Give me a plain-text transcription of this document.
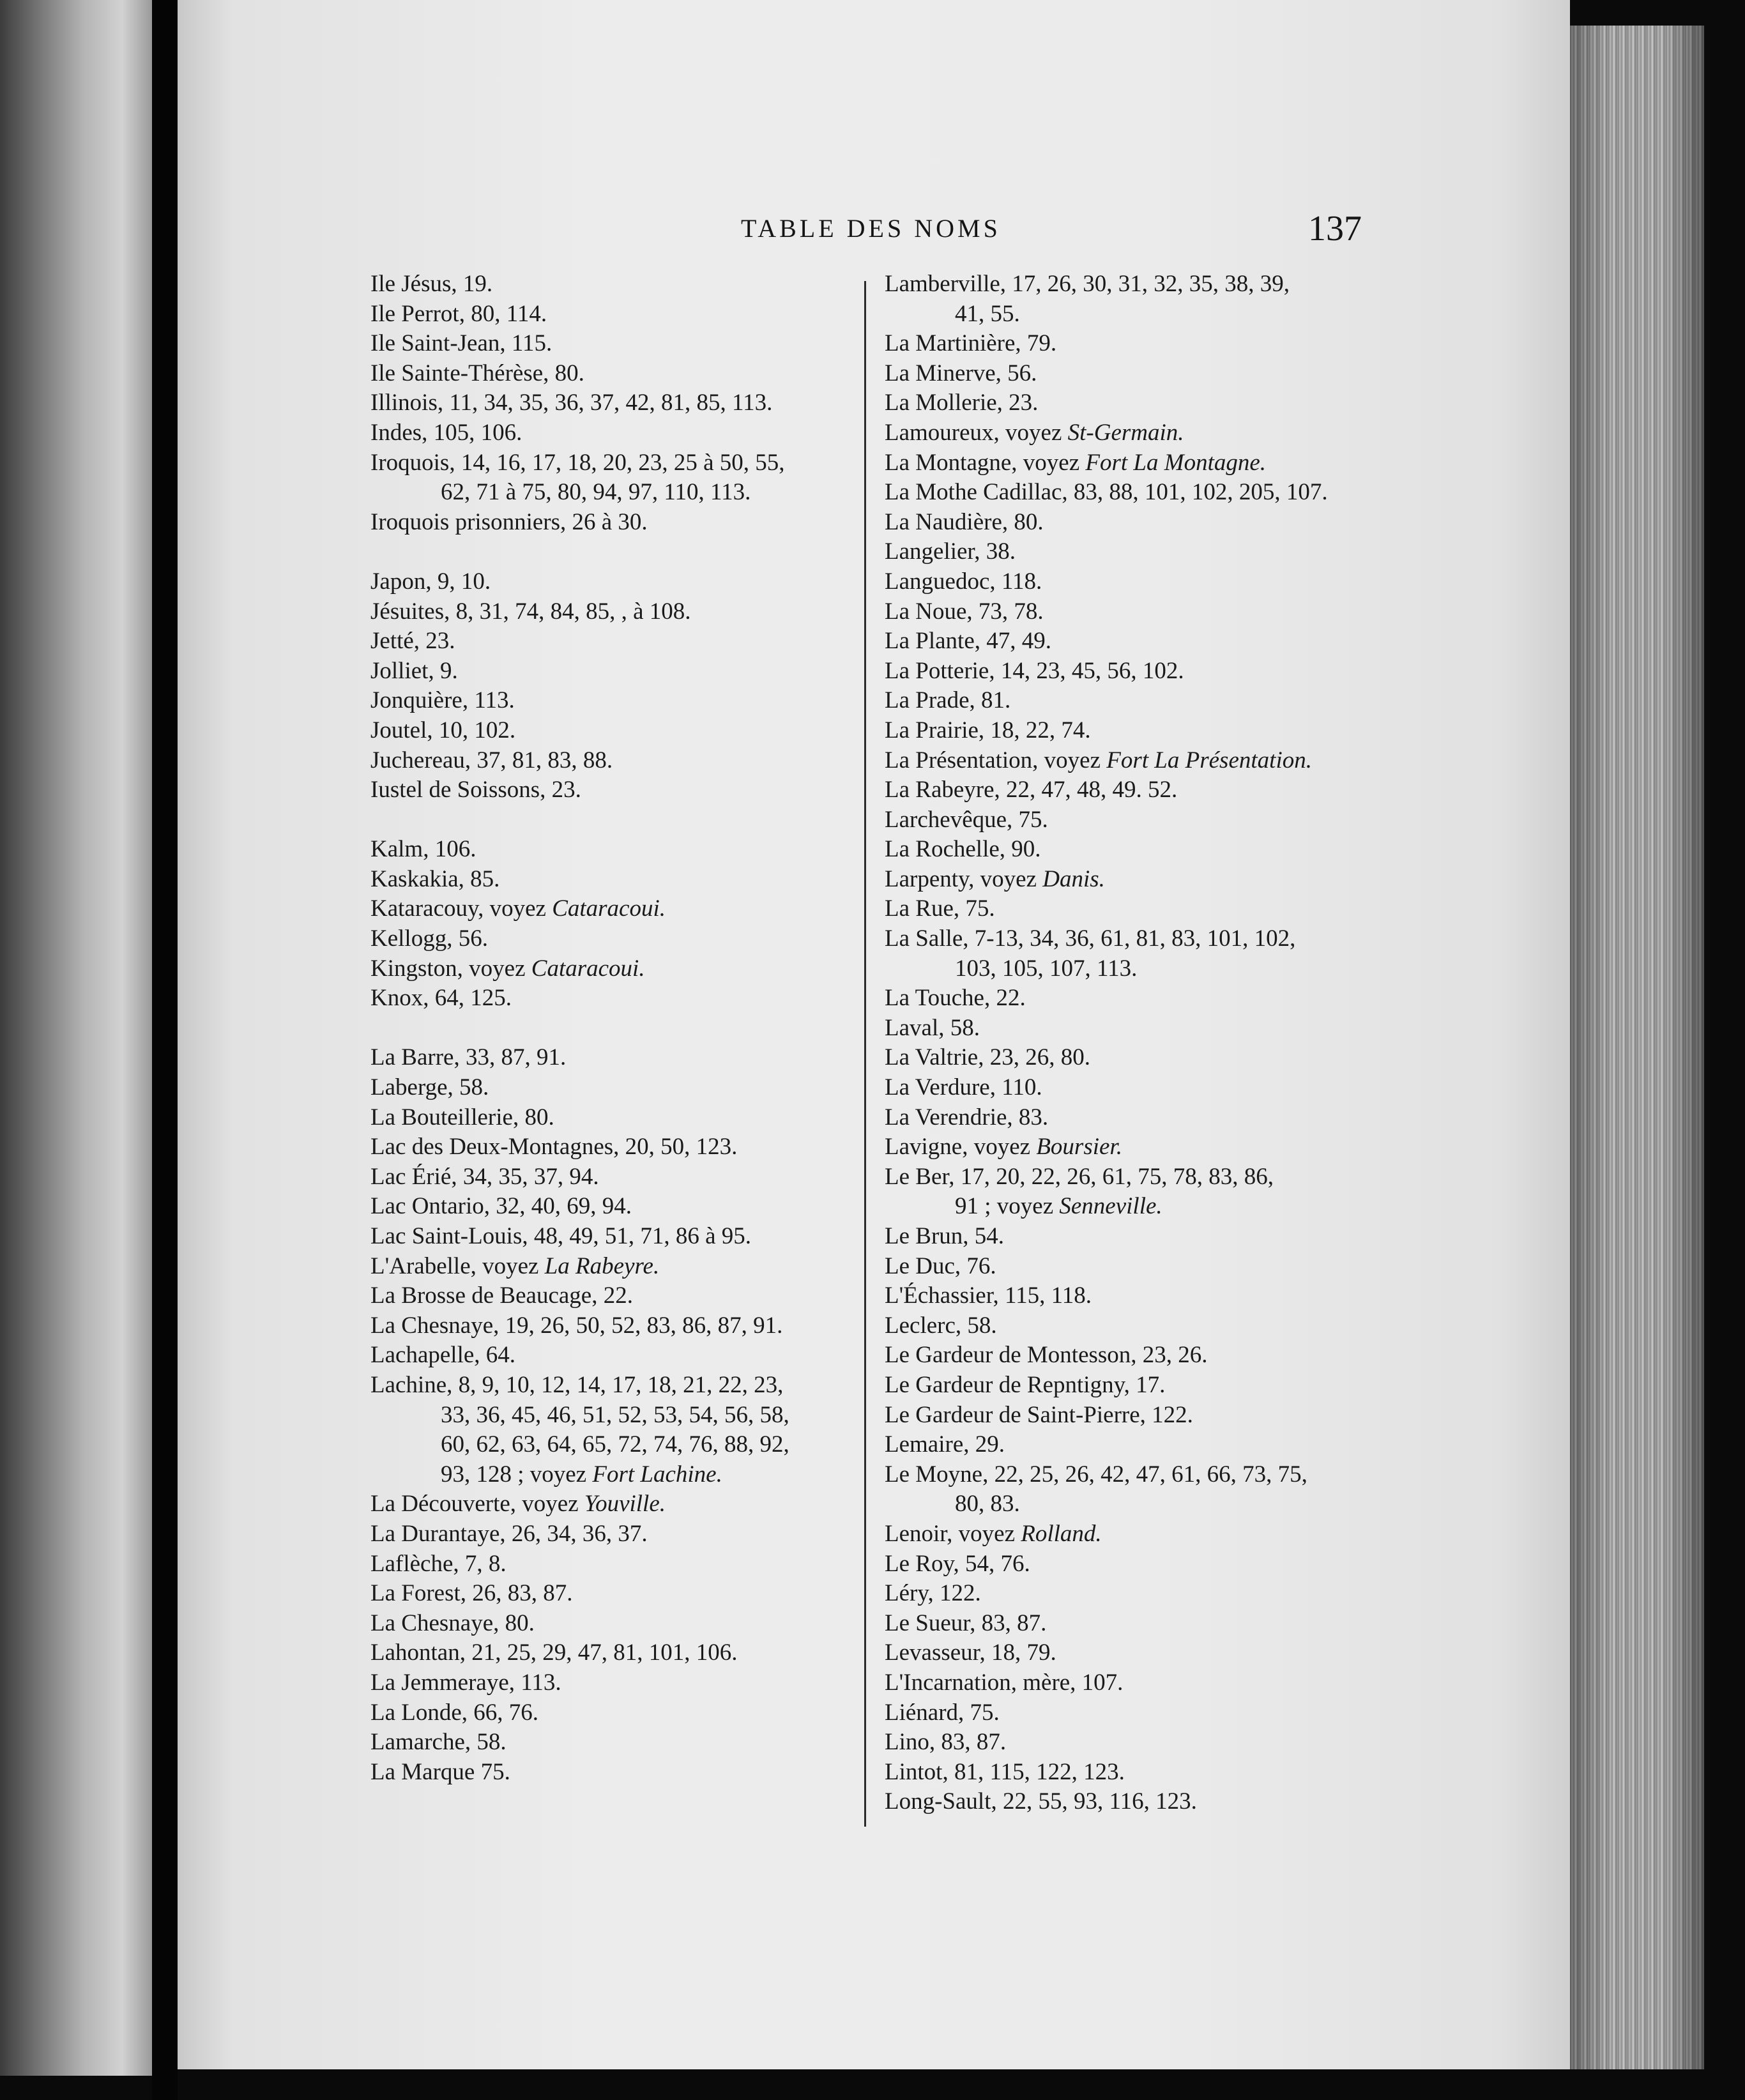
TABLE DES NOMS	137
Ile Jésus, 19.
Ile Perrot, 80, 114.
Ile Saint-Jean, 115.
Ile Sainte-Thérèse, 80.
Illinois, 11, 34, 35, 36, 37, 42, 81, 85, 113.
Indes, 105, 106.
Iroquois, 14, 16, 17, 18, 20, 23, 25 à 50, 55,
62, 71 à 75, 80, 94, 97, 110, 113.
Iroquois prisonniers, 26 à 30.
Japon, 9, 10.
Jésuites, 8, 31, 74, 84, 85, , à 108.
Jetté, 23.
Jolliet, 9.
Jonquière, 113.
Joutel, 10, 102.
Juchereau, 37, 81, 83, 88.
Iustel de Soissons, 23.
Kalm, 106.
Kaskakia, 85.
Kataracouy, voyez Cataracoui.
Kellogg, 56.
Kingston, voyez Cataracoui.
Knox, 64, 125.
La Barre, 33, 87, 91.
Laberge, 58.
La Bouteillerie, 80.
Lac des Deux-Montagnes, 20, 50, 123.
Lac Érié, 34, 35, 37, 94.
Lac Ontario, 32, 40, 69, 94.
Lac Saint-Louis, 48, 49, 51, 71, 86 à 95.
L'Arabelle, voyez La Rabeyre.
La Brosse de Beaucage, 22.
La Chesnaye, 19, 26, 50, 52, 83, 86, 87, 91.
Lachapelle, 64.
Lachine, 8, 9, 10, 12, 14, 17, 18, 21, 22, 23,
33, 36, 45, 46, 51, 52, 53, 54, 56, 58,
60, 62, 63, 64, 65, 72, 74, 76, 88, 92,
93, 128 ; voyez Fort Lachine.
La Découverte, voyez Youville.
La Durantaye, 26, 34, 36, 37.
Laflèche, 7, 8.
La Forest, 26, 83, 87.
La Chesnaye, 80.
Lahontan, 21, 25, 29, 47, 81, 101, 106.
La Jemmeraye, 113.
La Londe, 66, 76.
Lamarche, 58.
La Marque 75.
Lamberville, 17, 26, 30, 31, 32, 35, 38, 39,
41, 55.
La Martinière, 79.
La Minerve, 56.
La Mollerie, 23.
Lamoureux, voyez St-Germain.
La Montagne, voyez Fort La Montagne.
La Mothe Cadillac, 83, 88, 101, 102, 205, 107.
La Naudière, 80.
Langelier, 38.
Languedoc, 118.
La Noue, 73, 78.
La Plante, 47, 49.
La Potterie, 14, 23, 45, 56, 102.
La Prade, 81.
La Prairie, 18, 22, 74.
La Présentation, voyez Fort La Présentation.
La Rabeyre, 22, 47, 48, 49. 52.
Larchevêque, 75.
La Rochelle, 90.
Larpenty, voyez Danis.
La Rue, 75.
La Salle, 7-13, 34, 36, 61, 81, 83, 101, 102,
103, 105, 107, 113.
La Touche, 22.
Laval, 58.
La Valtrie, 23, 26, 80.
La Verdure, 110.
La Verendrie, 83.
Lavigne, voyez Boursier.
Le Ber, 17, 20, 22, 26, 61, 75, 78, 83, 86,
91 ; voyez Senneville.
Le Brun, 54.
Le Duc, 76.
L'Échassier, 115, 118.
Leclerc, 58.
Le Gardeur de Montesson, 23, 26.
Le Gardeur de Repntigny, 17.
Le Gardeur de Saint-Pierre, 122.
Lemaire, 29.
Le Moyne, 22, 25, 26, 42, 47, 61, 66, 73, 75,
80, 83.
Lenoir, voyez Rolland.
Le Roy, 54, 76.
Léry, 122.
Le Sueur, 83, 87.
Levasseur, 18, 79.
L'Incarnation, mère, 107.
Liénard, 75.
Lino, 83, 87.
Lintot, 81, 115, 122, 123.
Long-Sault, 22, 55, 93, 116, 123.
